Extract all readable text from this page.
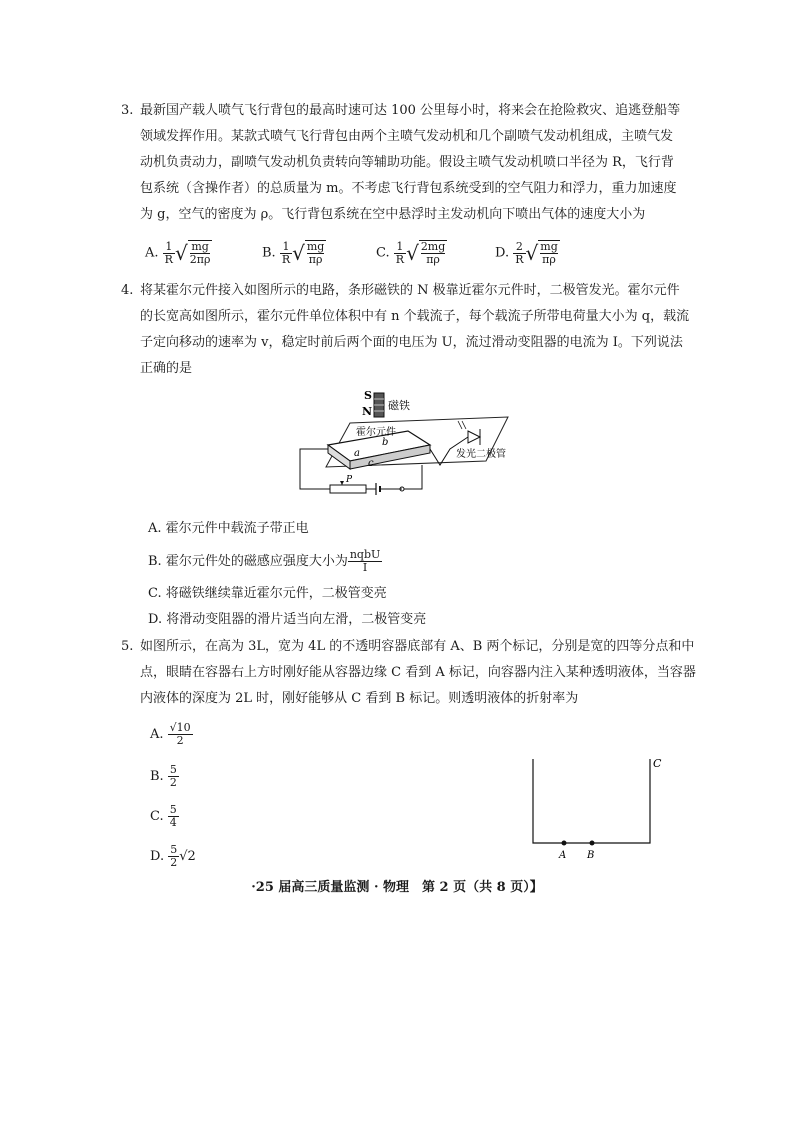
3. 最新国产载人喷气飞行背包的最高时速可达 100 公里每小时，将来会在抢险救灾、追逃登船等
领域发挥作用。某款式喷气飞行背包由两个主喷气发动机和几个副喷气发动机组成，主喷气发
动机负责动力，副喷气发动机负责转向等辅助功能。假设主喷气发动机喷口半径为 R，飞行背
包系统（含操作者）的总质量为 m。不考虑飞行背包系统受到的空气阻力和浮力，重力加速度
为 g，空气的密度为 ρ。飞行背包系统在空中悬浮时主发动机向下喷出气体的速度大小为
A. $\frac{1}{R}$ √ $\frac{mg}{2\pi\rho}$	B. $\frac{1}{R}$ √ $\frac{mg}{\pi\rho}$	C. $\frac{1}{R}$ √ $\frac{2mg}{\pi\rho}$	D. $\frac{2}{R}$ √ $\frac{mg}{\pi\rho}$
4. 将某霍尔元件接入如图所示的电路，条形磁铁的 N 极靠近霍尔元件时，二极管发光。霍尔元件
的长宽高如图所示，霍尔元件单位体积中有 n 个载流子，每个载流子所带电荷量大小为 q，载流
子定向移动的速率为 v，稳定时前后两个面的电压为 U，流过滑动变阻器的电流为 I。下列说法
正确的是
S
N 磁铁
霍尔元件
a
b
c
发光二极管
P
A. 霍尔元件中载流子带正电
B. 霍尔元件处的磁感应强度大小为 $\frac{\text{nqbU}}{I}$
C. 将磁铁继续靠近霍尔元件，二极管变亮
D. 将滑动变阻器的滑片适当向左滑，二极管变亮
5. 如图所示，在高为 3L，宽为 4L 的不透明容器底部有 A、B 两个标记，分别是宽的四等分点和中
点，眼睛在容器右上方时刚好能从容器边缘 C 看到 A 标记，向容器内注入某种透明液体，当容器
内液体的深度为 2L 时，刚好能够从 C 看到 B 标记。则透明液体的折射率为
A. $\frac{√10}{2}$
B. $\frac{5}{2}$
C. $\frac{5}{4}$
D. $\frac{5}{2} √2$
C
A B
·25 届高三质量监测 · 物理　第 2 页（共 8 页）】
